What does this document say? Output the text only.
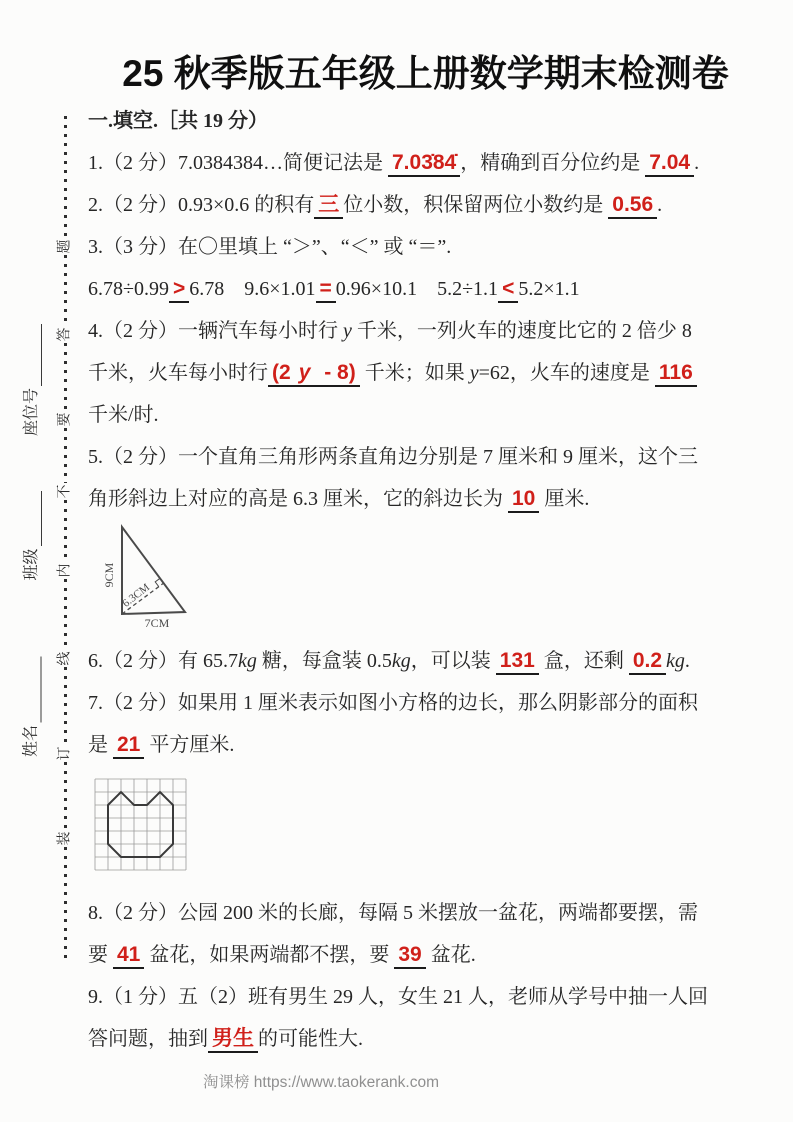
题
答
要
不
内
线
订
装
座位号
班级
姓名
25 秋季版五年级上册数学期末检测卷

一.填空.［共 19 分）

1.（2 分）7.0384384…简便记法是 7.03̇84̇ ，精确到百分位约是 7.04 .

2.（2 分）0.93×0.6 的积有 三 位小数，积保留两位小数约是 0.56 .

3.（3 分）在〇里填上 “＞”、“＜” 或 “＝”.

6.78÷0.99 > 6.78　9.6×1.01 = 0.96×10.1　5.2÷1.1 < 5.2×1.1

4.（2 分）一辆汽车每小时行 y 千米，一列火车的速度比它的 2 倍少 8

千米，火车每小时行 (2 y - 8) 千米；如果 y=62，火车的速度是 116

千米/时.

5.（2 分）一个直角三角形两条直角边分别是 7 厘米和 9 厘米，这个三

角形斜边上对应的高是 6.3 厘米，它的斜边长为 10 厘米.

9CM
7CM
6.3CM

6.（2 分）有 65.7kg 糖，每盒装 0.5kg，可以装 131 盒，还剩 0.2 kg.

7.（2 分）如果用 1 厘米表示如图小方格的边长，那么阴影部分的面积

是 21 平方厘米.

8.（2 分）公园 200 米的长廊，每隔 5 米摆放一盆花，两端都要摆，需

要 41 盆花，如果两端都不摆，要 39 盆花.

9.（1 分）五（2）班有男生 29 人，女生 21 人，老师从学号中抽一人回

答问题，抽到 男生 的可能性大.

淘课榜 https://www.taokerank.com
